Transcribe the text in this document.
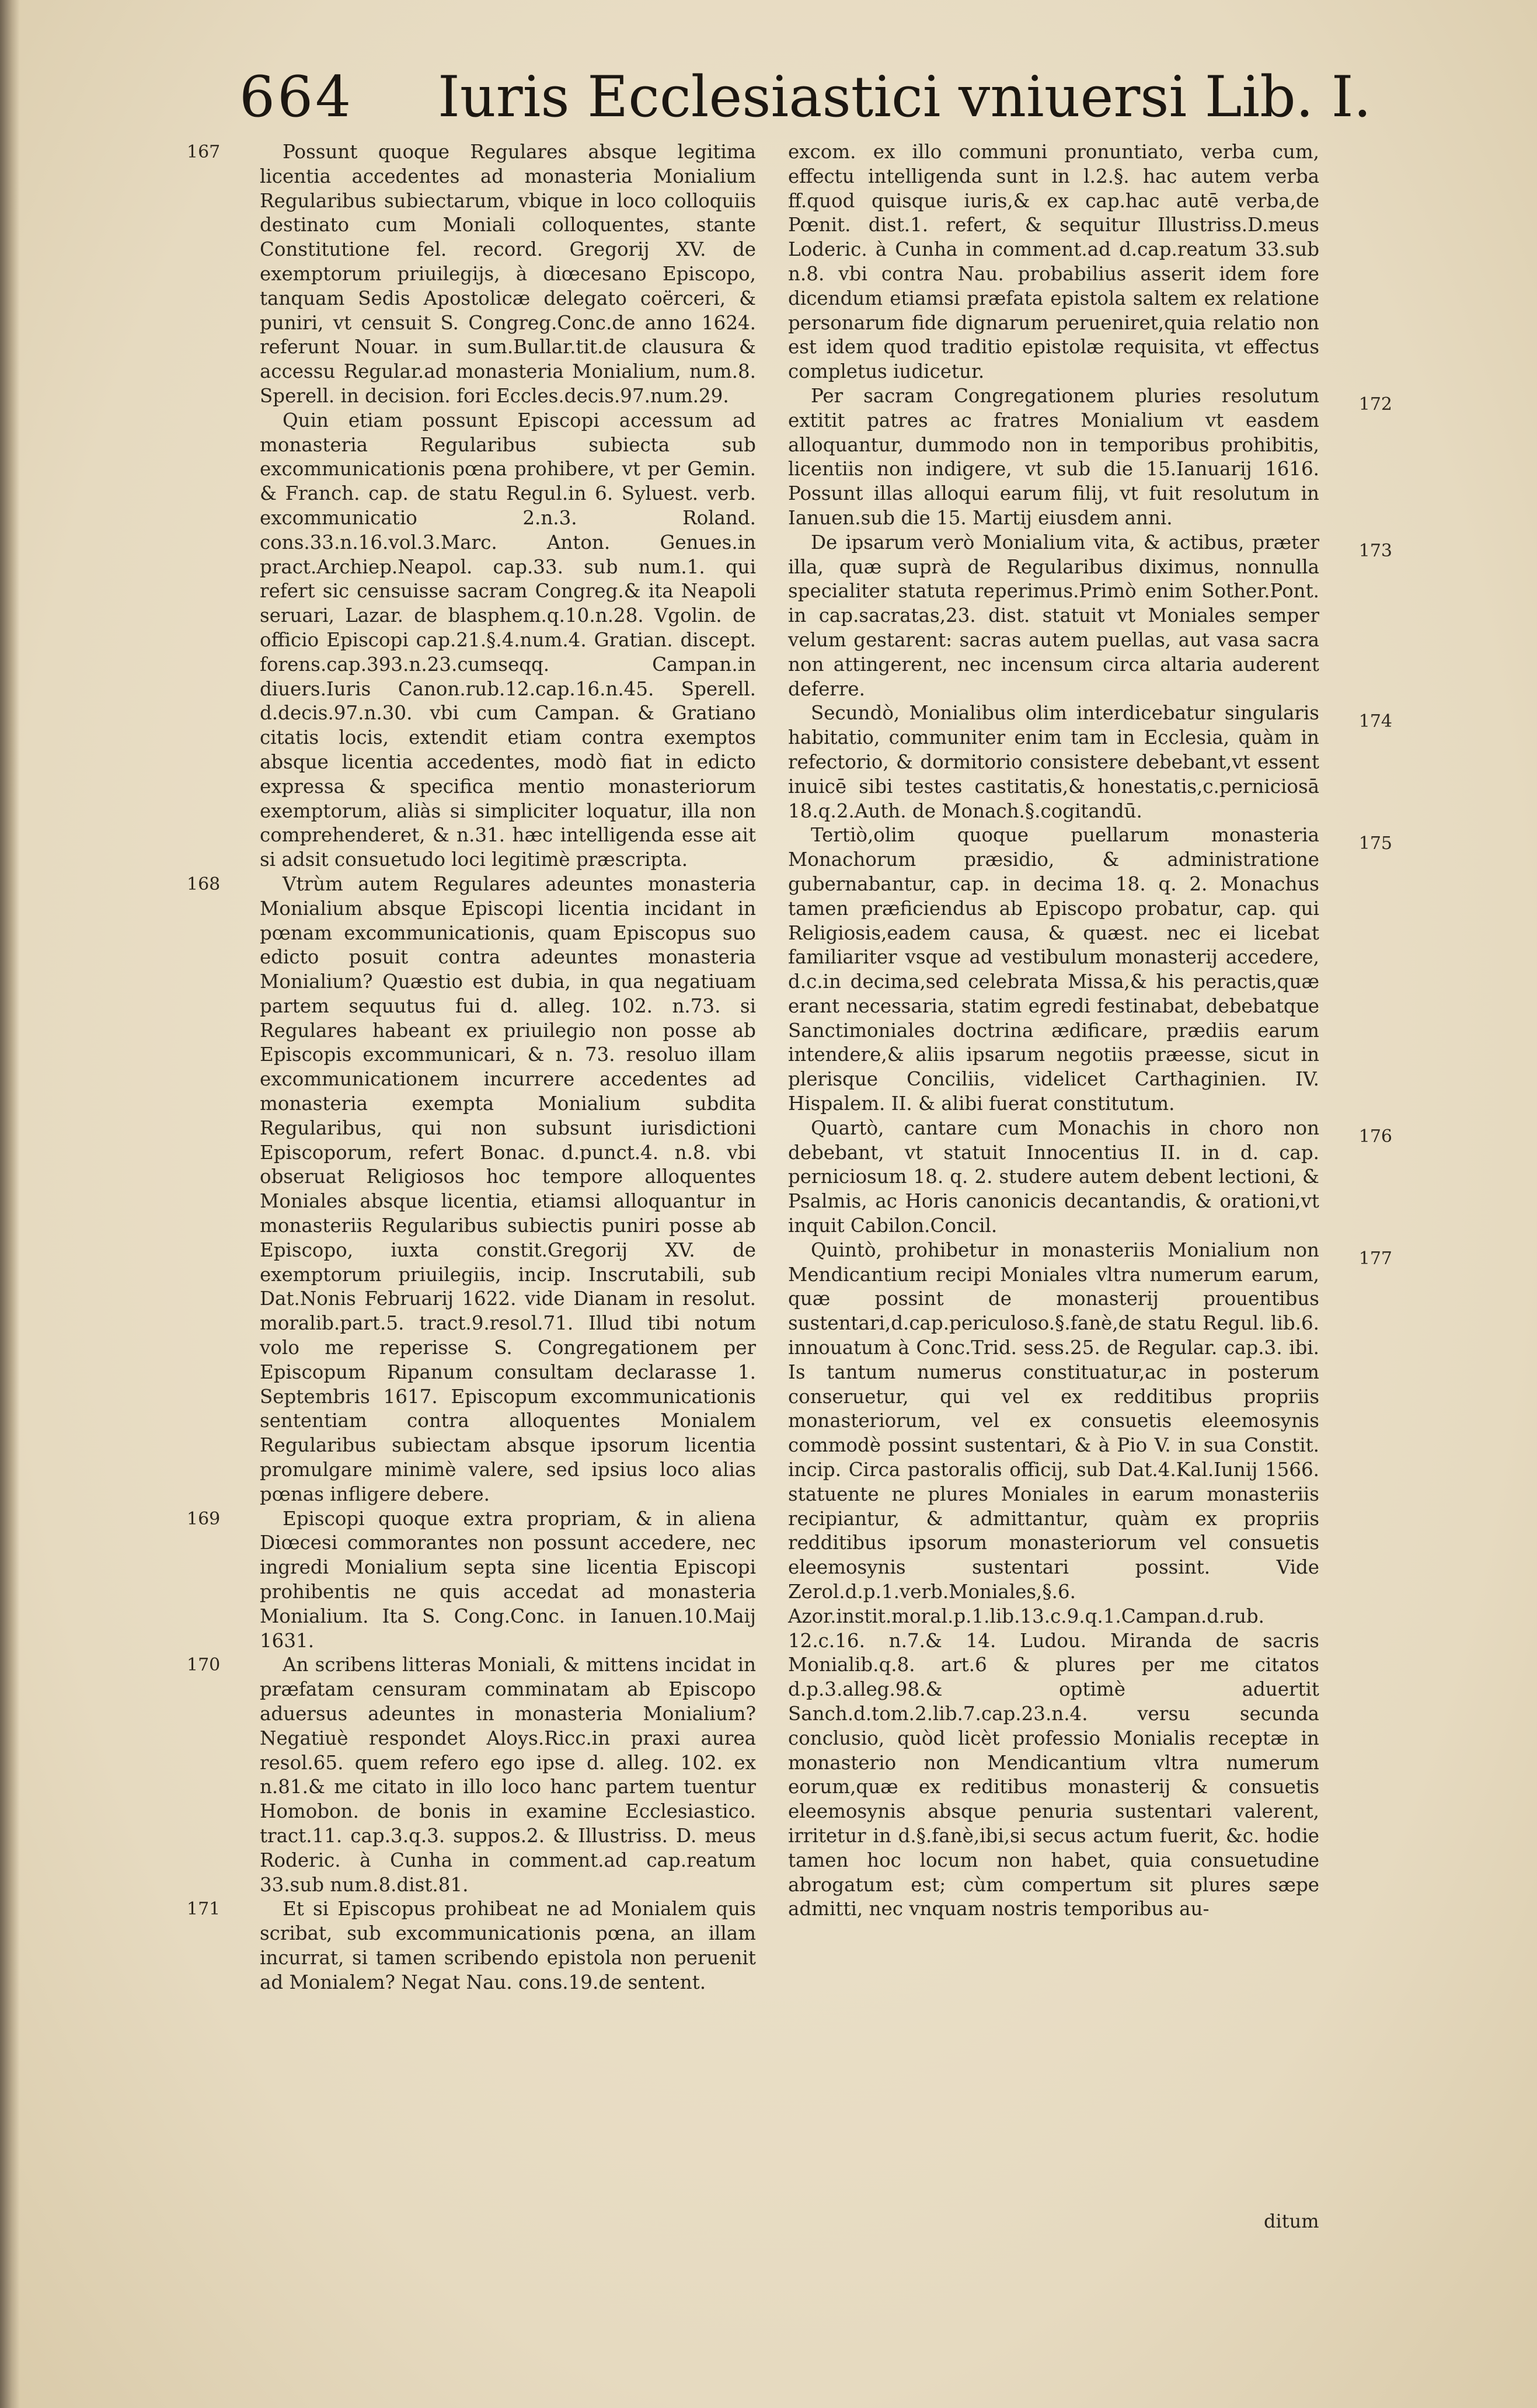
664 Iuris Ecclesiastici vniuersi Lib. I.

167	Possunt quoque Regulares absque legitima licentia accedentes ad monasteria Monialium Regularibus subiectarum, vbique in loco colloquiis destinato cum Moniali colloquentes, stante Constitutione fel. record. Gregorij XV. de exemptorum priuilegijs, à diœcesano Episcopo, tanquam Sedis Apostolicæ delegato coërceri, & puniri, vt censuit S. Congreg.Conc.de anno 1624. referunt Nouar. in sum.Bullar.tit.de clausura & accessu Regular.ad monasteria Monialium, num.8. Sperell. in decision. fori Eccles.decis.97.num.29.

Quin etiam possunt Episcopi accessum ad monasteria Regularibus subiecta sub excommunicationis pœna prohibere, vt per Gemin. & Franch. cap. de statu Regul.in 6. Syluest. verb. excommunicatio 2.n.3. Roland. cons.33.n.16.vol.3.Marc. Anton. Genues.in pract.Archiep.Neapol. cap.33. sub num.1. qui refert sic censuisse sacram Congreg.& ita Neapoli seruari, Lazar. de blasphem.q.10.n.28. Vgolin. de officio Episcopi cap.21.§.4.num.4. Gratian. discept. forens.cap.393.n.23.cumseqq. Campan.in diuers.Iuris Canon.rub.12.cap.16.n.45. Sperell. d.decis.97.n.30. vbi cum Campan. & Gratiano citatis locis, extendit etiam contra exemptos absque licentia accedentes, modò fiat in edicto expressa & specifica mentio monasteriorum exemptorum, aliàs si simpliciter loquatur, illa non comprehenderet, & n.31. hæc intelligenda esse ait si adsit consuetudo loci legitimè præscripta.

168	Vtrùm autem Regulares adeuntes monasteria Monialium absque Episcopi licentia incidant in pœnam excommunicationis, quam Episcopus suo edicto posuit contra adeuntes monasteria Monialium? Quæstio est dubia, in qua negatiuam partem sequutus fui d. alleg. 102. n.73. si Regulares habeant ex priuilegio non posse ab Episcopis excommunicari, & n. 73. resoluo illam excommunicationem incurrere accedentes ad monasteria exempta Monialium subdita Regularibus, qui non subsunt iurisdictioni Episcoporum, refert Bonac. d.punct.4. n.8. vbi obseruat Religiosos hoc tempore alloquentes Moniales absque licentia, etiamsi alloquantur in monasteriis Regularibus subiectis puniri posse ab Episcopo, iuxta constit.Gregorij XV. de exemptorum priuilegiis, incip. Inscrutabili, sub Dat.Nonis Februarij 1622. vide Dianam in resolut. moralib.part.5. tract.9.resol.71. Illud tibi notum volo me reperisse S. Congregationem per Episcopum Ripanum consultam declarasse 1. Septembris 1617. Episcopum excommunicationis sententiam contra alloquentes Monialem Regularibus subiectam absque ipsorum licentia promulgare minimè valere, sed ipsius loco alias pœnas infligere debere.

169	Episcopi quoque extra propriam, & in aliena Diœcesi commorantes non possunt accedere, nec ingredi Monialium septa sine licentia Episcopi prohibentis ne quis accedat ad monasteria Monialium. Ita S. Cong.Conc. in Ianuen.10.Maij 1631.

170	An scribens litteras Moniali, & mittens incidat in præfatam censuram comminatam ab Episcopo aduersus adeuntes in monasteria Monialium? Negatiuè respondet Aloys.Ricc.in praxi aurea resol.65. quem refero ego ipse d. alleg. 102. ex n.81.& me citato in illo loco hanc partem tuentur Homobon. de bonis in examine Ecclesiastico. tract.11. cap.3.q.3. suppos.2. & Illustriss. D. meus Roderic. à Cunha in comment.ad cap.reatum 33.sub num.8.dist.81.

171	Et si Episcopus prohibeat ne ad Monialem quis scribat, sub excommunicationis pœna, an illam incurrat, si tamen scribendo epistola non peruenit ad Monialem? Negat Nau. cons.19.de sentent.

excom. ex illo communi pronuntiato, verba cum, effectu intelligenda sunt in l.2.§. hac autem verba ff.quod quisque iuris,& ex cap.hac autē verba,de Pœnit. dist.1. refert, & sequitur Illustriss.D.meus Loderic. à Cunha in comment.ad d.cap.reatum 33.sub n.8. vbi contra Nau. probabilius asserit idem fore dicendum etiamsi præfata epistola saltem ex relatione personarum fide dignarum perueniret,quia relatio non est idem quod traditio epistolæ requisita, vt effectus completus iudicetur.

172
Per sacram Congregationem pluries resolutum extitit patres ac fratres Monialium vt easdem alloquantur, dummodo non in temporibus prohibitis, licentiis non indigere, vt sub die 15.Ianuarij 1616. Possunt illas alloqui earum filij, vt fuit resolutum in Ianuen.sub die 15. Martij eiusdem anni.

173
De ipsarum verò Monialium vita, & actibus, præter illa, quæ suprà de Regularibus diximus, nonnulla specialiter statuta reperimus.Primò enim Sother.Pont. in cap.sacratas,23. dist. statuit vt Moniales semper velum gestarent: sacras autem puellas, aut vasa sacra non attingerent, nec incensum circa altaria auderent deferre.

174
Secundò, Monialibus olim interdicebatur singularis habitatio, communiter enim tam in Ecclesia, quàm in refectorio, & dormitorio consistere debebant,vt essent inuicē sibi testes castitatis,& honestatis,c.perniciosā 18.q.2.Auth. de Monach.§.cogitandū.

175
Tertiò,olim quoque puellarum monasteria Monachorum præsidio, & administratione gubernabantur, cap. in decima 18. q. 2. Monachus tamen præficiendus ab Episcopo probatur, cap. qui Religiosis,eadem causa, & quæst. nec ei licebat familiariter vsque ad vestibulum monasterij accedere, d.c.in decima,sed celebrata Missa,& his peractis,quæ erant necessaria, statim egredi festinabat, debebatque Sanctimoniales doctrina ædificare, prædiis earum intendere,& aliis ipsarum negotiis præesse, sicut in plerisque Conciliis, videlicet Carthaginien. IV. Hispalem. II. & alibi fuerat constitutum.

176
Quartò, cantare cum Monachis in choro non debebant, vt statuit Innocentius II. in d. cap. perniciosum 18. q. 2. studere autem debent lectioni, & Psalmis, ac Horis canonicis decantandis, & orationi,vt inquit Cabilon.Concil.

177
Quintò, prohibetur in monasteriis Monialium non Mendicantium recipi Moniales vltra numerum earum, quæ possint de monasterij prouentibus sustentari,d.cap.periculoso.§.fanè,de statu Regul. lib.6. innouatum à Conc.Trid. sess.25. de Regular. cap.3. ibi. Is tantum numerus constituatur,ac in posterum conseruetur, qui vel ex redditibus propriis monasteriorum, vel ex consuetis eleemosynis commodè possint sustentari, & à Pio V. in sua Constit. incip. Circa pastoralis officij, sub Dat.4.Kal.Iunij 1566. statuente ne plures Moniales in earum monasteriis recipiantur, & admittantur, quàm ex propriis redditibus ipsorum monasteriorum vel consuetis eleemosynis sustentari possint. Vide Zerol.d.p.1.verb.Moniales,§.6. Azor.instit.moral.p.1.lib.13.c.9.q.1.Campan.d.rub. 12.c.16. n.7.& 14. Ludou. Miranda de sacris Monialib.q.8. art.6 & plures per me citatos d.p.3.alleg.98.& optimè aduertit Sanch.d.tom.2.lib.7.cap.23.n.4. versu secunda conclusio, quòd licèt professio Monialis receptæ in monasterio non Mendicantium vltra numerum eorum,quæ ex reditibus monasterij & consuetis eleemosynis absque penuria sustentari valerent, irritetur in d.§.fanè,ibi,si secus actum fuerit, &c. hodie tamen hoc locum non habet, quia consuetudine abrogatum est; cùm compertum sit plures sæpe admitti, nec vnquam nostris temporibus au-

ditum
